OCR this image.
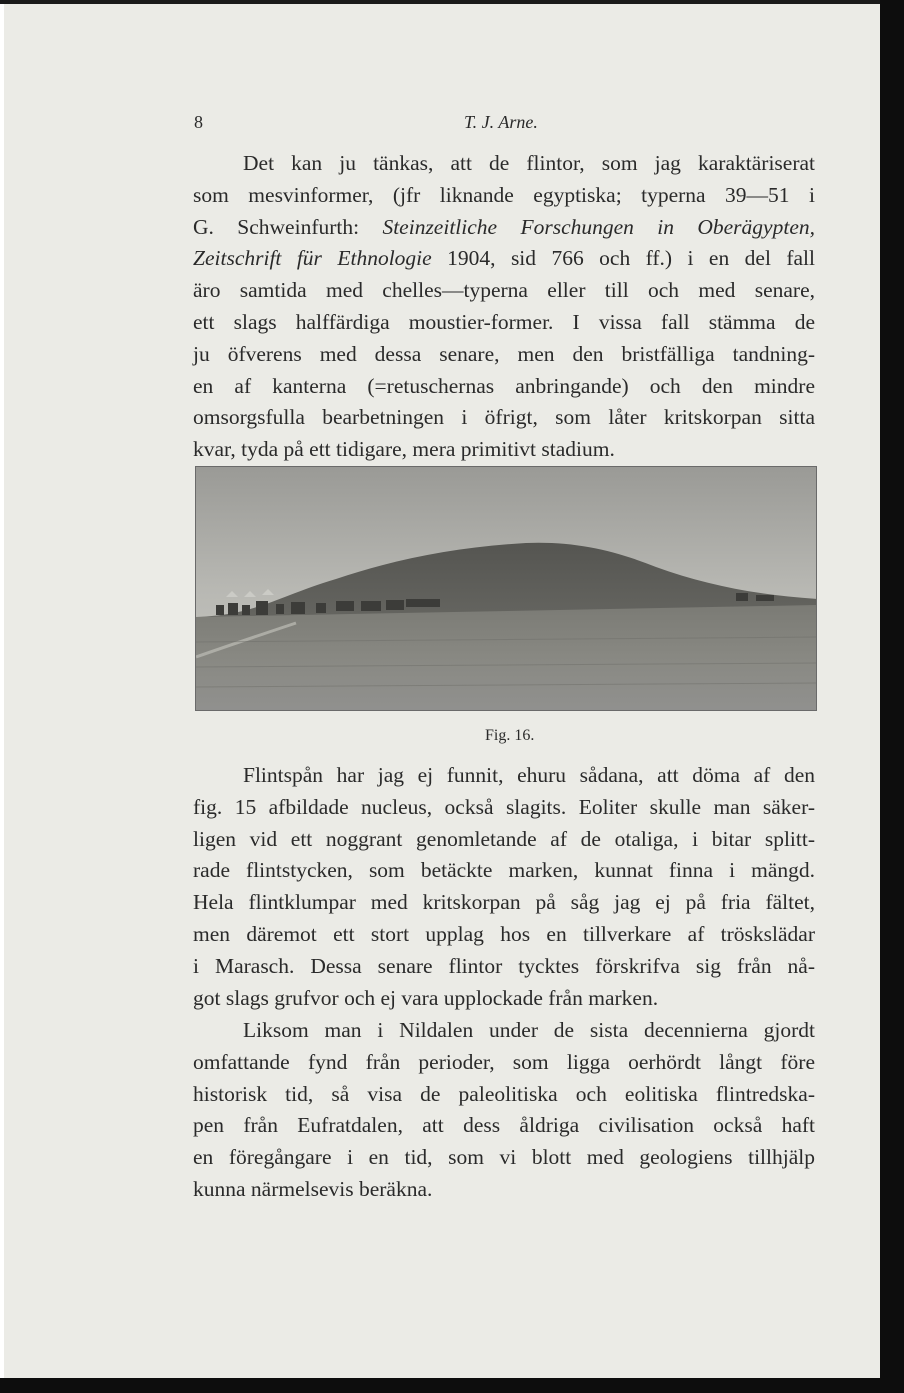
8	T. J. Arne.
Det kan ju tänkas, att de flintor, som jag karaktäriserat
som mesvinformer, (jfr liknande egyptiska; typerna 39—51 i
G. Schweinfurth: Steinzeitliche Forschungen in Oberägypten,
Zeitschrift für Ethnologie 1904, sid 766 och ff.) i en del fall
äro samtida med chelles—typerna eller till och med senare,
ett slags halffärdiga moustier-former. I vissa fall stämma de
ju öfverens med dessa senare, men den bristfälliga tandning-
en af kanterna (=retuschernas anbringande) och den mindre
omsorgsfulla bearbetningen i öfrigt, som låter kritskorpan sitta
kvar, tyda på ett tidigare, mera primitivt stadium.
Fig. 16.
Flintspån har jag ej funnit, ehuru sådana, att döma af den
fig. 15 afbildade nucleus, också slagits. Eoliter skulle man säker-
ligen vid ett noggrant genomletande af de otaliga, i bitar splitt-
rade flintstycken, som betäckte marken, kunnat finna i mängd.
Hela flintklumpar med kritskorpan på såg jag ej på fria fältet,
men däremot ett stort upplag hos en tillverkare af tröskslädar
i Marasch. Dessa senare flintor tycktes förskrifva sig från nå-
got slags grufvor och ej vara upplockade från marken.
Liksom man i Nildalen under de sista decennierna gjordt
omfattande fynd från perioder, som ligga oerhördt långt före
historisk tid, så visa de paleolitiska och eolitiska flintredska-
pen från Eufratdalen, att dess åldriga civilisation också haft
en föregångare i en tid, som vi blott med geologiens tillhjälp
kunna närmelsevis beräkna.
